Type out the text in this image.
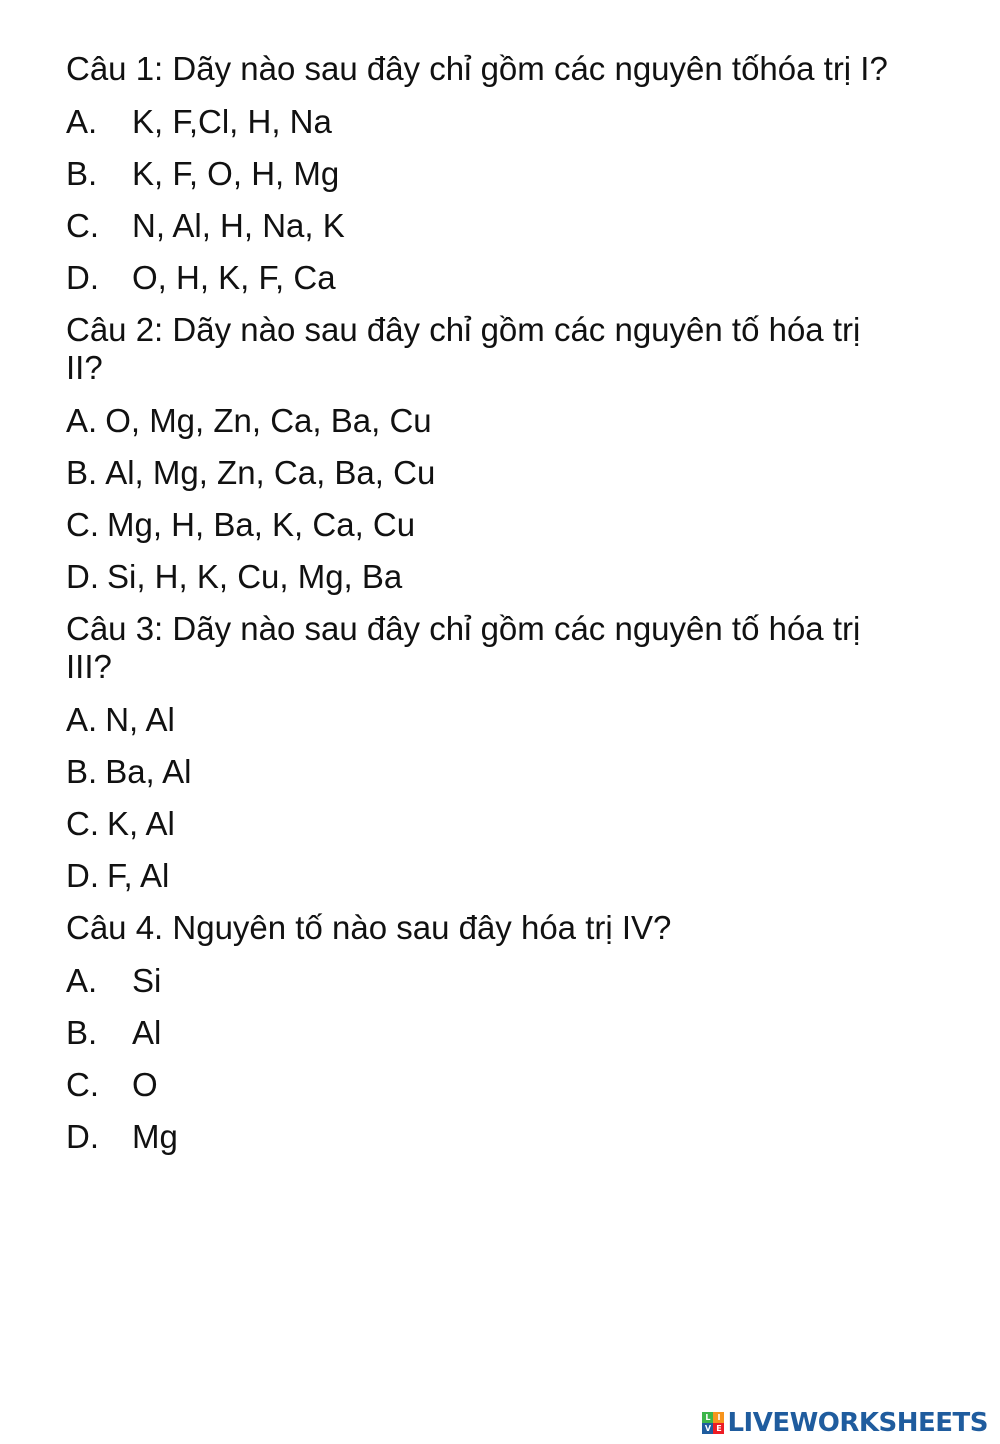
Câu 1: Dãy nào sau đây chỉ gồm các nguyên tốhóa trị I?
A. K, F,Cl, H, Na
B. K, F, O, H, Mg
C. N, Al, H, Na, K
D. O, H, K, F, Ca
Câu 2: Dãy nào sau đây chỉ gồm các nguyên tố hóa trị II?
A. O, Mg, Zn, Ca, Ba, Cu
B. Al, Mg, Zn, Ca, Ba, Cu
C. Mg, H, Ba, K, Ca, Cu
D. Si, H, K, Cu, Mg, Ba
Câu 3: Dãy nào sau đây chỉ gồm các nguyên tố hóa trị III?
A. N, Al
B. Ba, Al
C. K, Al
D. F, Al
Câu 4. Nguyên tố nào sau đây hóa trị IV?
A. Si
B. Al
C. O
D. Mg
L I
V E LIVEWORKSHEETS
